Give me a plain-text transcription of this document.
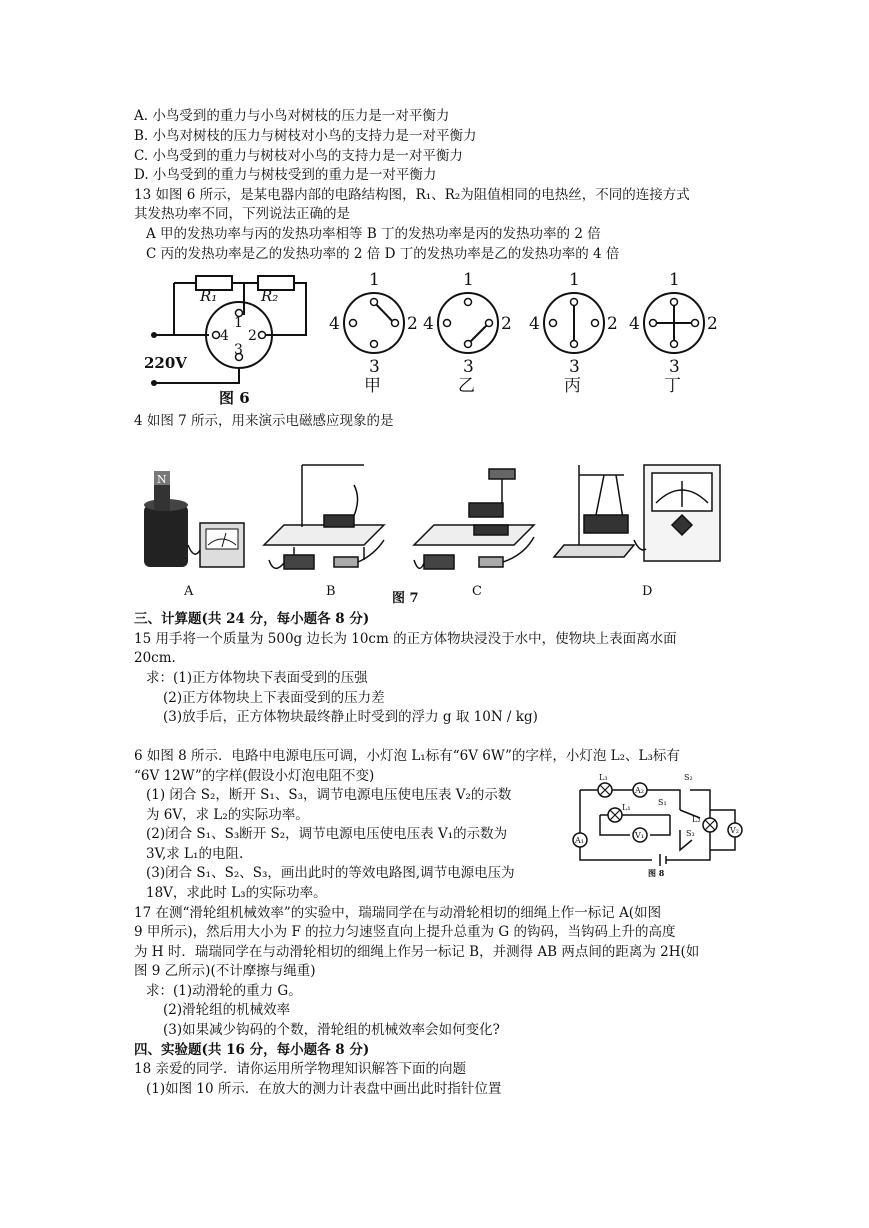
A. 小鸟受到的重力与小鸟对树枝的压力是一对平衡力
B. 小鸟对树枝的压力与树枝对小鸟的支持力是一对平衡力
C. 小鸟受到的重力与树枝对小鸟的支持力是一对平衡力
D. 小鸟受到的重力与树枝受到的重力是一对平衡力
13 如图 6 所示，是某电器内部的电路结构图，R₁、R₂为阻值相同的电热丝，不同的连接方式
其发热功率不同，下列说法正确的是
A 甲的发热功率与丙的发热功率相等 B 丁的发热功率是丙的发热功率的 2 倍
C 丙的发热功率是乙的发热功率的 2 倍 D 丁的发热功率是乙的发热功率的 4 倍
R₁	R₂
1
4 2
3
220V
图 6
1
4	2
3
甲
1
4	2
3
乙
1
4	2
3
丙
1
4	2
3
丁
4 如图 7 所示，用来演示电磁感应现象的是
N
A	B	C	D
图 7
三、计算题(共 24 分，每小题各 8 分)
15 用手将一个质量为 500g 边长为 10cm 的正方体物块浸没于水中，使物块上表面离水面
20cm.
求：(1)正方体物块下表面受到的压强
(2)正方体物块上下表面受到的压力差
(3)放手后，正方体物块最终静止时受到的浮力 g 取 10N / kg)
6 如图 8 所示．电路中电源电压可调，小灯泡 L₁标有“6V 6W”的字样，小灯泡 L₂、L₃标有
“6V 12W”的字样(假设小灯泡电阻不变)
(1) 闭合 S₂，断开 S₁、S₃，调节电源电压使电压表 V₂的示数
为 6V，求 L₂的实际功率。
(2)闭合 S₁、S₃断开 S₂，调节电源电压使电压表 V₁的示数为
3V,求 L₁的电阻.
(3)闭合 S₁、S₂、S₃，画出此时的等效电路图,调节电源电压为
18V，求此时 L₃的实际功率。
L₃
A₂
L₁
V₁
A₁
L₂
V₂
S₂
S₁
S₃
图 8
17 在测“滑轮组机械效率”的实验中，瑞瑞同学在与动滑轮相切的细绳上作一标记 A(如图
9 甲所示)，然后用大小为 F 的拉力匀速竖直向上提升总重为 G 的钩码，当钩码上升的高度
为 H 时．瑞瑞同学在与动滑轮相切的细绳上作另一标记 B，并测得 AB 两点间的距离为 2H(如
图 9 乙所示)(不计摩擦与绳重)
求：(1)动滑轮的重力 G。
(2)滑轮组的机械效率
(3)如果减少钩码的个数，滑轮组的机械效率会如何变化?
四、实验题(共 16 分，每小题各 8 分)
18 亲爱的同学．请你运用所学物理知识解答下面的向题
(1)如图 10 所示．在放大的测力计表盘中画出此时指针位置
